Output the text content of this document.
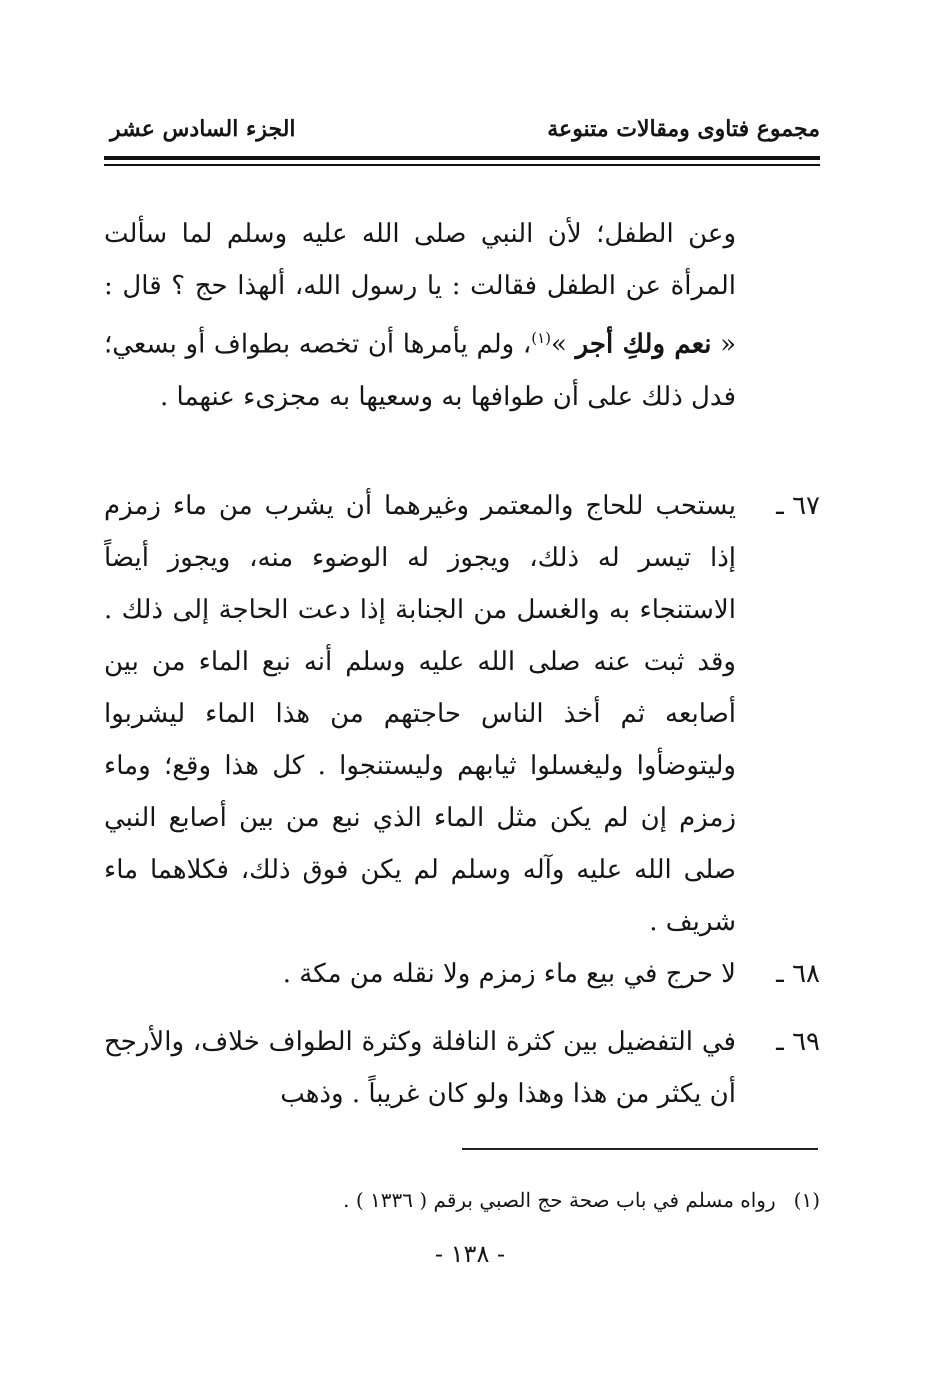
مجموع فتاوى ومقالات متنوعة
الجزء السادس عشر

وعن الطفل؛ لأن النبي صلى الله عليه وسلم لما سألت المرأة عن الطفل فقالت : يا رسول الله، ألهذا حج ؟ قال : « نعم ولكِ أجر »$^{(١)}$، ولم يأمرها أن تخصه بطواف أو بسعي؛ فدل ذلك على أن طوافها به وسعيها به مجزىء عنهما .

٦٧ ـ
يستحب للحاج والمعتمر وغيرهما أن يشرب من ماء زمزم إذا تيسر له ذلك، ويجوز له الوضوء منه، ويجوز أيضاً الاستنجاء به والغسل من الجنابة إذا دعت الحاجة إلى ذلك . وقد ثبت عنه صلى الله عليه وسلم أنه نبع الماء من بين أصابعه ثم أخذ الناس حاجتهم من هذا الماء ليشربوا وليتوضأوا وليغسلوا ثيابهم وليستنجوا . كل هذا وقع؛ وماء زمزم إن لم يكن مثل الماء الذي نبع من بين أصابع النبي صلى الله عليه وآله وسلم لم يكن فوق ذلك، فكلاهما ماء شريف .
٦٨ ـ
لا حرج في بيع ماء زمزم ولا نقله من مكة .
٦٩ ـ
في التفضيل بين كثرة النافلة وكثرة الطواف خلاف، والأرجح أن يكثر من هذا وهذا ولو كان غريباً . وذهب
(١)رواه مسلم في باب صحة حج الصبي برقم ( ١٣٣٦ ) .
- ١٣٨ -
